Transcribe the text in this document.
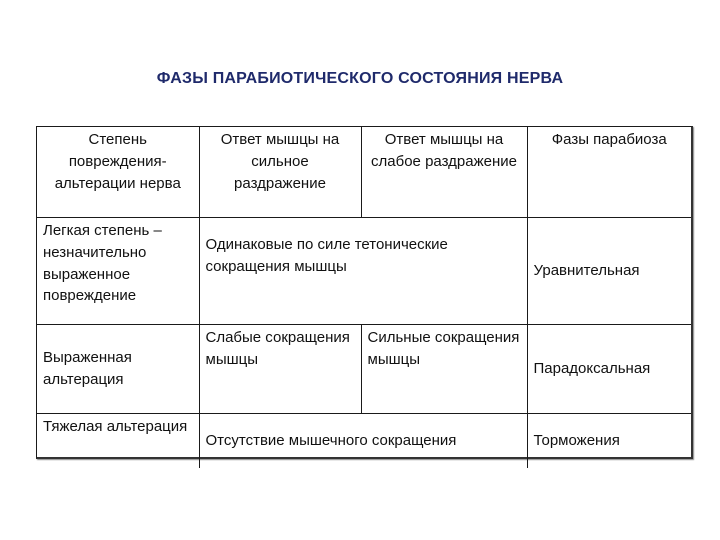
ФАЗЫ ПАРАБИОТИЧЕСКОГО СОСТОЯНИЯ НЕРВА
Степень повреждения-альтерации нерва	Ответ мышцы на сильное раздражение	Ответ мышцы на слабое раздражение	Фазы парабиоза
Легкая степень – незначительно выраженное повреждение	Одинаковые по силе тетонические сокращения мышцы		Уравнительная
Выраженная альтерация	Слабые сокращения мышцы	Сильные сокращения мышцы	Парадоксальная
Тяжелая альтерация	Отсутствие мышечного сокращения		Торможения
